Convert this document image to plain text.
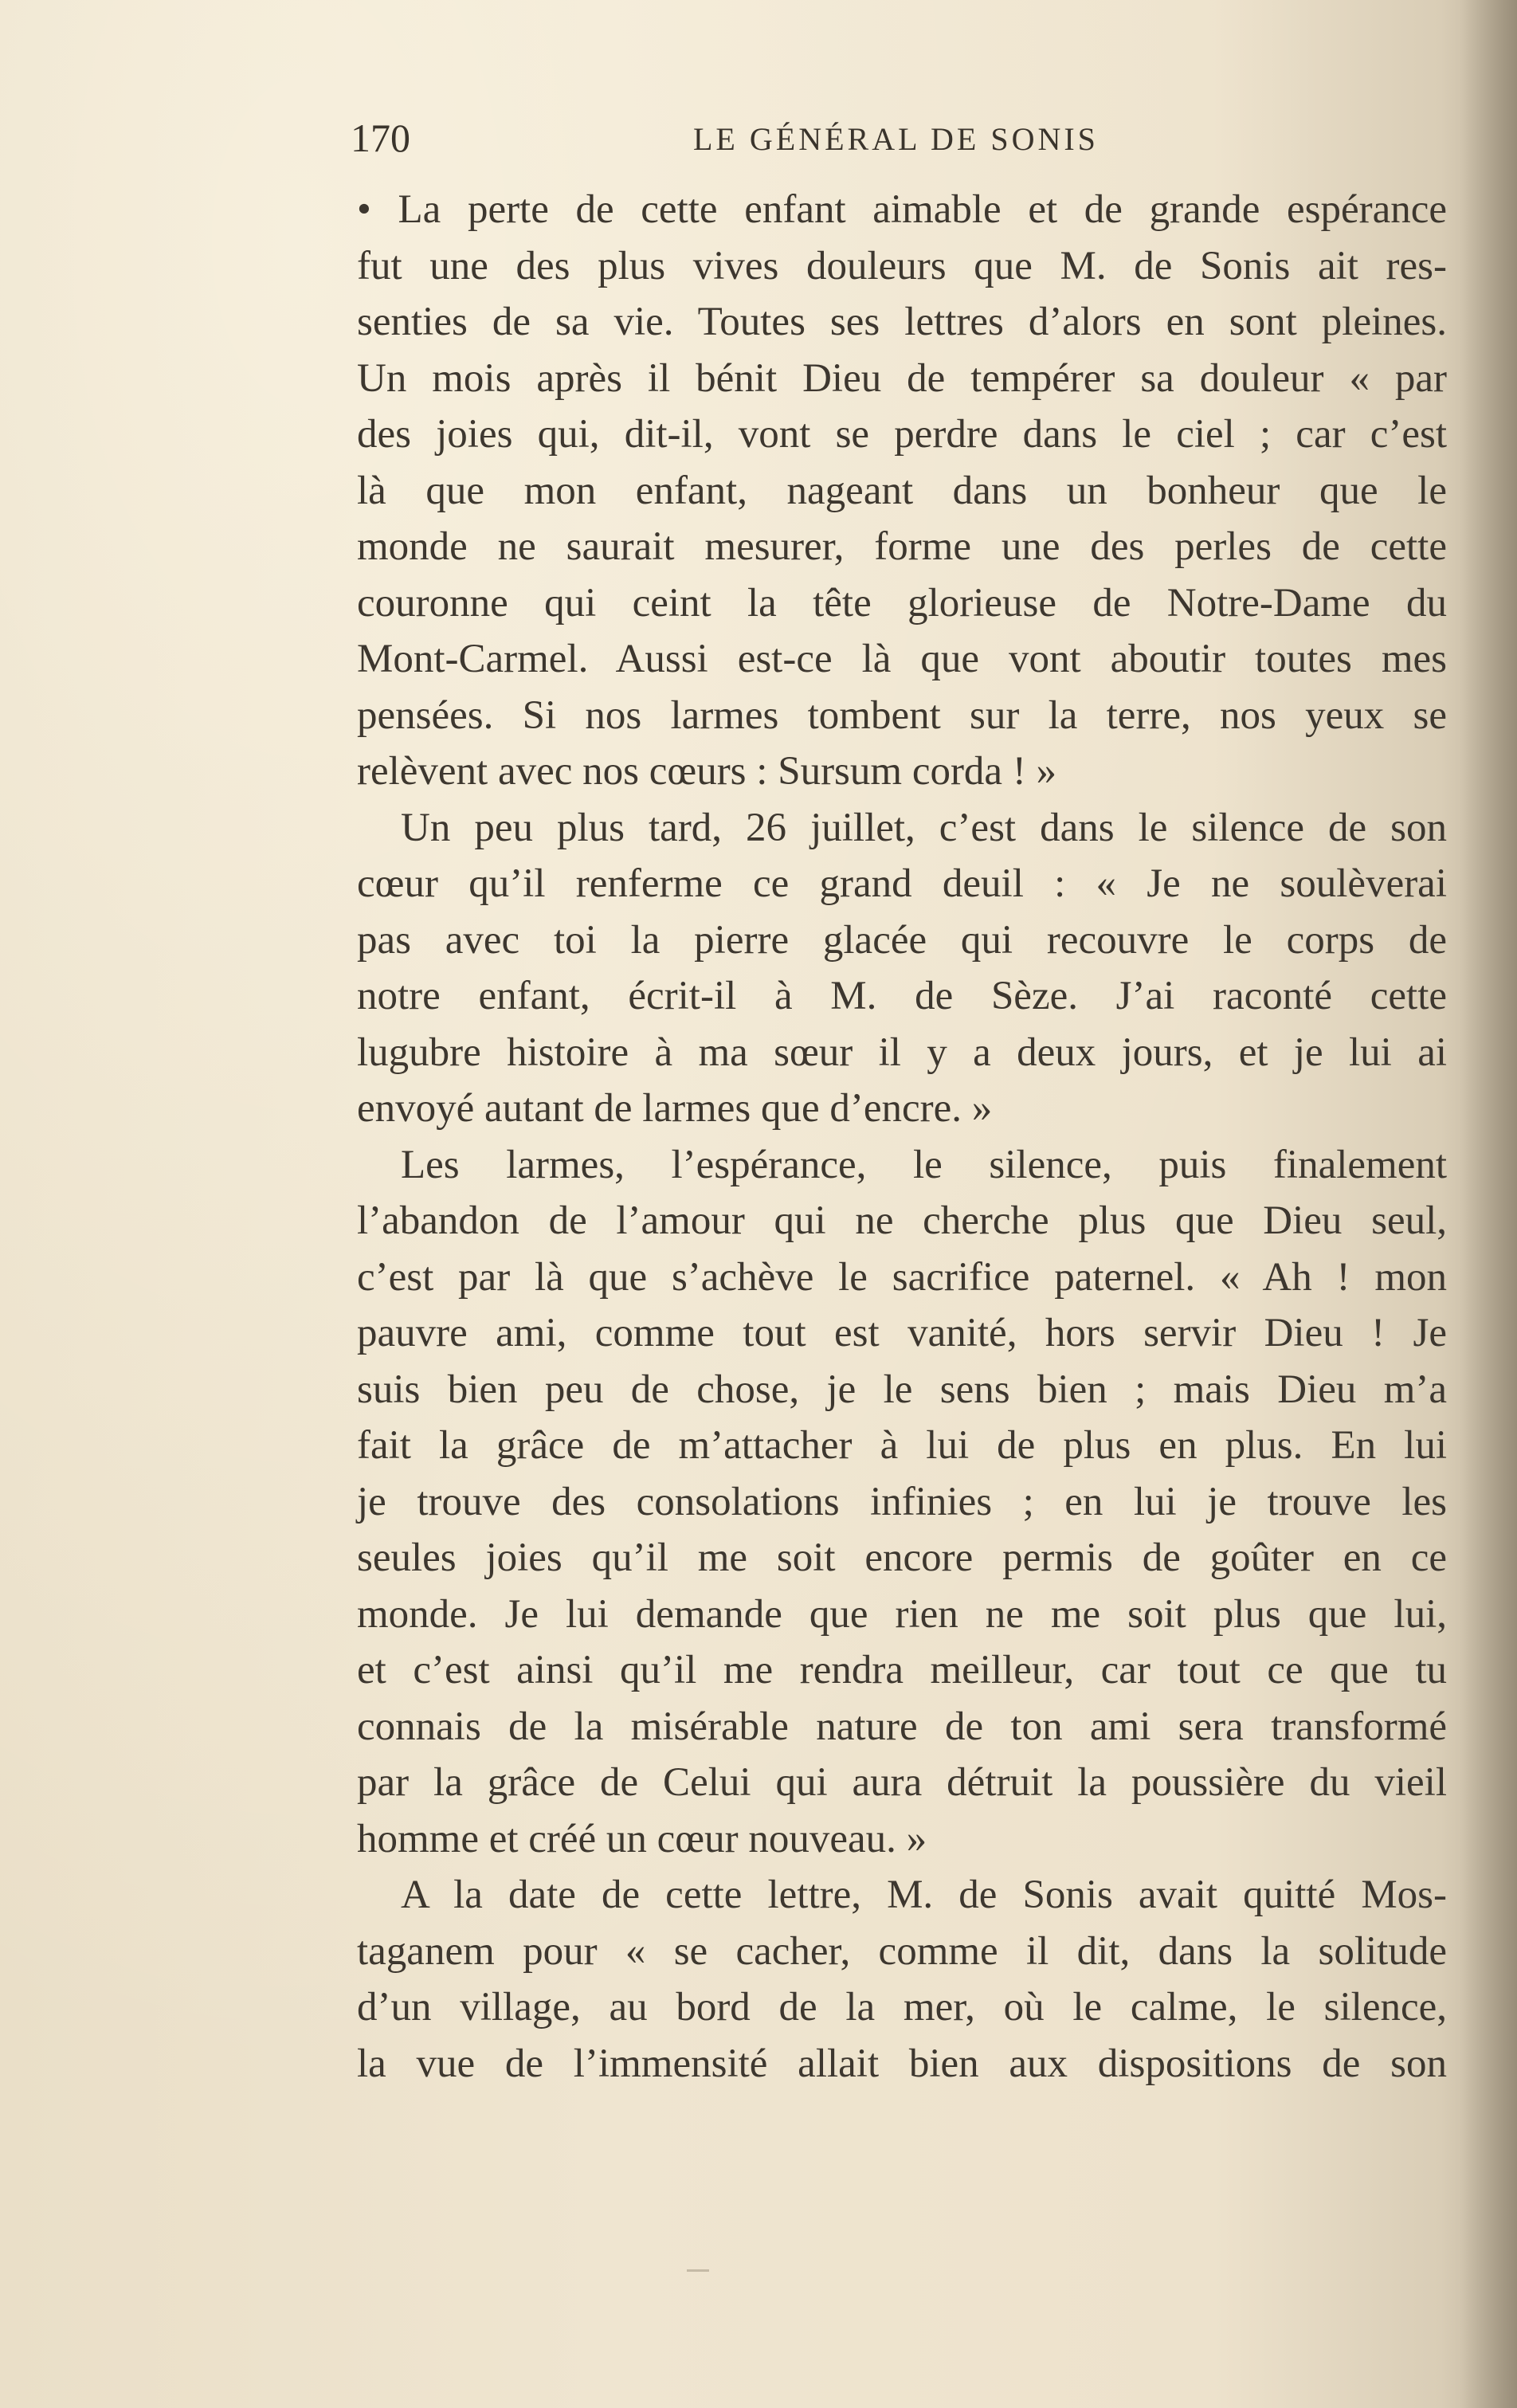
170	LE GÉNÉRAL DE SONIS
• La perte de cette enfant aimable et de grande espérance
fut une des plus vives douleurs que M. de Sonis ait res-
senties de sa vie. Toutes ses lettres d’alors en sont pleines.
Un mois après il bénit Dieu de tempérer sa douleur « par
des joies qui, dit-il, vont se perdre dans le ciel ; car c’est
là que mon enfant, nageant dans un bonheur que le
monde ne saurait mesurer, forme une des perles de cette
couronne qui ceint la tête glorieuse de Notre-Dame du
Mont-Carmel. Aussi est-ce là que vont aboutir toutes mes
pensées. Si nos larmes tombent sur la terre, nos yeux se
relèvent avec nos cœurs : Sursum corda ! »
Un peu plus tard, 26 juillet, c’est dans le silence de son
cœur qu’il renferme ce grand deuil : « Je ne soulèverai
pas avec toi la pierre glacée qui recouvre le corps de
notre enfant, écrit-il à M. de Sèze. J’ai raconté cette
lugubre histoire à ma sœur il y a deux jours, et je lui ai
envoyé autant de larmes que d’encre. »
Les larmes, l’espérance, le silence, puis finalement
l’abandon de l’amour qui ne cherche plus que Dieu seul,
c’est par là que s’achève le sacrifice paternel. « Ah ! mon
pauvre ami, comme tout est vanité, hors servir Dieu ! Je
suis bien peu de chose, je le sens bien ; mais Dieu m’a
fait la grâce de m’attacher à lui de plus en plus. En lui
je trouve des consolations infinies ; en lui je trouve les
seules joies qu’il me soit encore permis de goûter en ce
monde. Je lui demande que rien ne me soit plus que lui,
et c’est ainsi qu’il me rendra meilleur, car tout ce que tu
connais de la misérable nature de ton ami sera transformé
par la grâce de Celui qui aura détruit la poussière du vieil
homme et créé un cœur nouveau. »
A la date de cette lettre, M. de Sonis avait quitté Mos-
taganem pour « se cacher, comme il dit, dans la solitude
d’un village, au bord de la mer, où le calme, le silence,
la vue de l’immensité allait bien aux dispositions de son
